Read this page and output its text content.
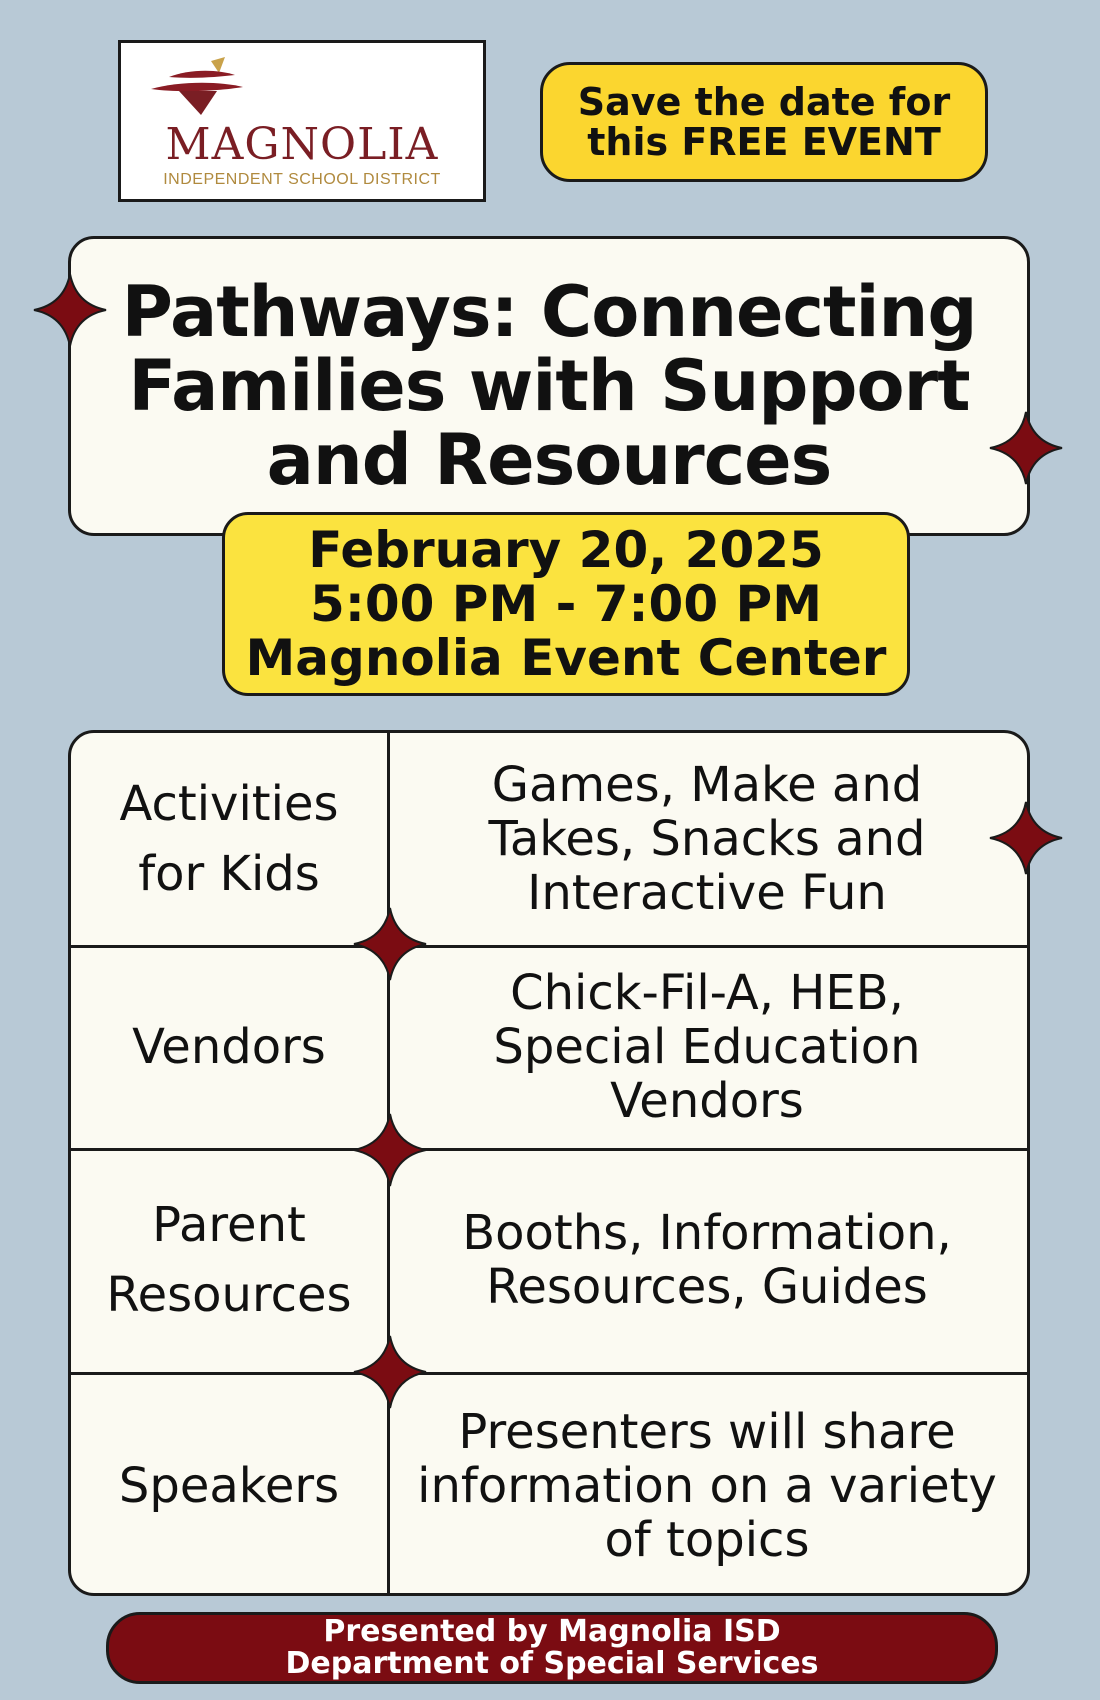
MAGNOLIA
INDEPENDENT SCHOOL DISTRICT
Save the date for
this FREE EVENT
Pathways: Connecting
Families with Support
and Resources
February 20, 2025
5:00 PM - 7:00 PM
Magnolia Event Center
Activities
for Kids
Games, Make and
Takes, Snacks and
Interactive Fun
Vendors
Chick-Fil-A, HEB,
Special Education
Vendors
Parent
Resources
Booths, Information,
Resources, Guides
Speakers
Presenters will share
information on a variety
of topics
Presented by Magnolia ISD
Department of Special Services
